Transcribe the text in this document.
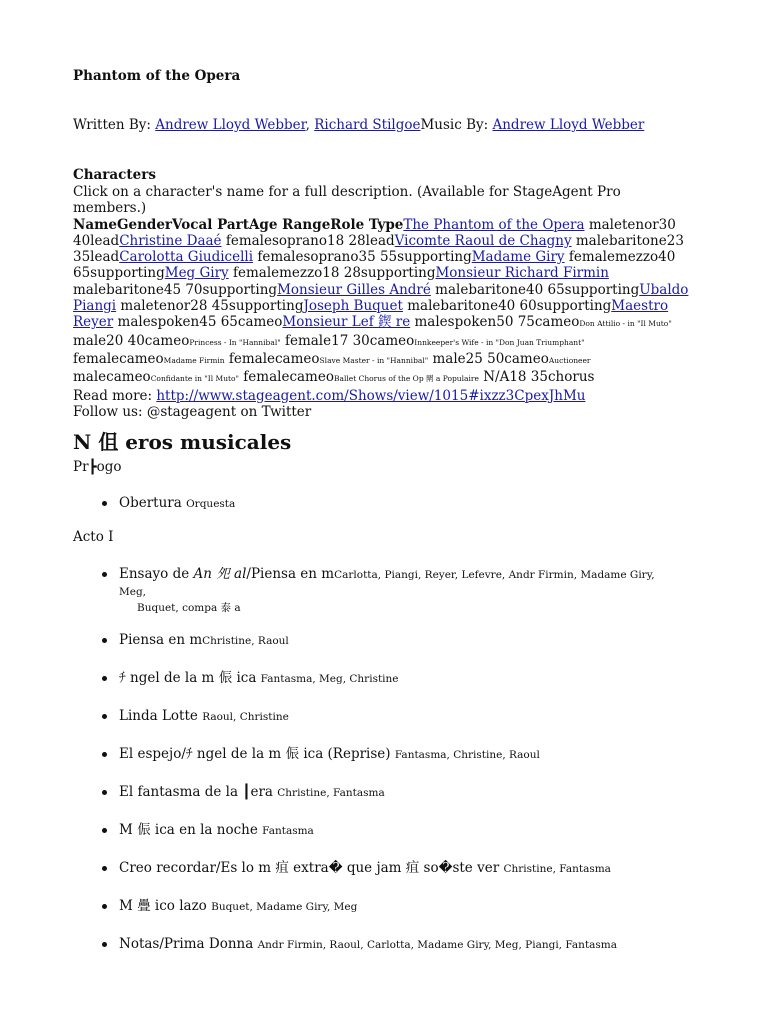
Phantom of the Opera
Written By: Andrew Lloyd Webber, Richard StilgoeMusic By: Andrew Lloyd Webber
Characters
Click on a character's name for a full description. (Available for StageAgent Pro members.)
NameGenderVocal PartAge RangeRole TypeThe Phantom of the Opera maletenor30 40leadChristine Daaé femalesoprano18 28leadVicomte Raoul de Chagny malebaritone23 35leadCarolotta Giudicelli femalesoprano35 55supportingMadame Giry femalemezzo40 65supportingMeg Giry femalemezzo18 28supportingMonsieur Richard Firmin malebaritone45 70supportingMonsieur Gilles André malebaritone40 65supportingUbaldo Piangi maletenor28 45supportingJoseph Buquet malebaritone40 60supportingMaestro Reyer malespoken45 65cameoMonsieur Lef 鍥 re malespoken50 75cameoDon Attilio - in "Il Muto" male20 40cameoPrincess - In "Hannibal" female17 30cameoInnkeeper's Wife - in "Don Juan Triumphant" femalecameoMadame Firmin femalecameoSlave Master - in "Hannibal" male25 50cameoAuctioneer malecameoConfidante in "Il Muto" femalecameoBallet Chorus of the Op 閛 a Populaire N/A18 35chorus
Read more: http://www.stageagent.com/Shows/view/1015#ixzz3CpexJhMu
Follow us: @stageagent on Twitter
N 伹 eros musicales
Pr┣ogo
Obertura Orquesta
Acto I
Ensayo de An 夗 al/Piensa en mCarlotta, Piangi, Reyer, Lefevre, Andr Firmin, Madame Giry, Meg,
Buquet, compa 泰 a
Piensa en mChristine, Raoul
ﾁ ngel de la m 侲 ica Fantasma, Meg, Christine
Linda Lotte Raoul, Christine
El espejo/ﾁ ngel de la m 侲 ica (Reprise) Fantasma, Christine, Raoul
El fantasma de la ┃era Christine, Fantasma
M 侲 ica en la noche Fantasma
Creo recordar/Es lo m 疽 extra� que jam 疽 so�ste ver Christine, Fantasma
M 疊 ico lazo Buquet, Madame Giry, Meg
Notas/Prima Donna Andr Firmin, Raoul, Carlotta, Madame Giry, Meg, Piangi, Fantasma
